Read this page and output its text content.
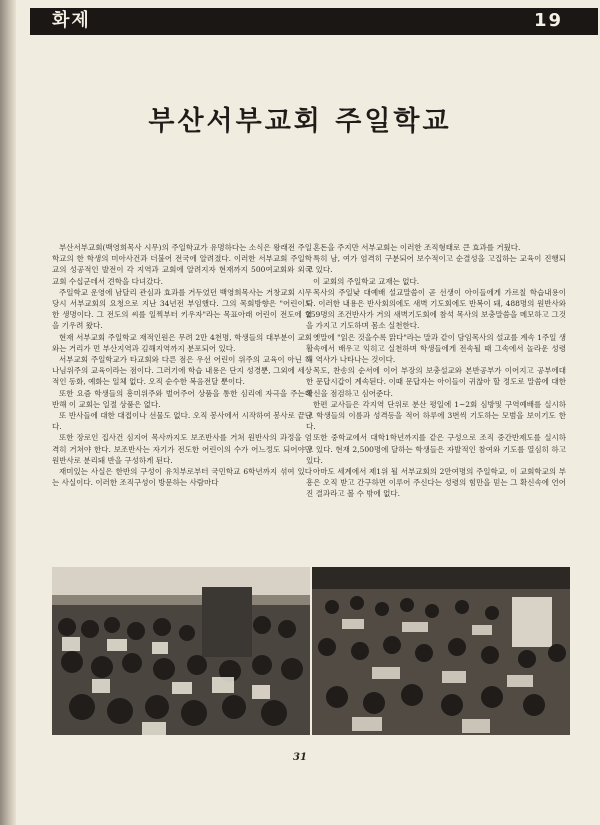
화제	19
부산서부교회 주일학교

부산서부교회(백영희목사 시무)의 주일학교가 유명하다는 소식은 왕래전 주일학교의 한 학생의 미아사건과 더불어 전국에 알려졌다. 이러한 서부교회 주일학교의 성공적인 발전이 각 지역과 교회에 알려지자 현재까지 500여교회와 외국교회 수십군데서 견학을 다녀갔다.

주일학교 운영에 남달리 관심과 효과를 거두었던 백영희목사는 거창교회 시무당시 서부교회의 요청으로 지난 34년전 부임했다. 그의 목회방향은 "어린이도 한 생명이다. 그 전도의 씨를 일찍부터 키우자"라는 목표아래 어린이 전도에 힘을 기우려 왔다.

현재 서부교회 주일학교 재적인원은 무려 2만 4천명, 학생들의 대부분이 교회와는 거리가 먼 부산지역과 김해지역까지 분포되어 있다.

서부교회 주일학교가 타교회와 다른 점은 우선 어린이 위주의 교육이 아닌 하나님위주의 교육이라는 점이다. 그러기에 학습 내용은 단지 성경뿐, 그외에 세상적인 동화, 예화는 일체 없다. 오직 순수한 복음전달 뿐이다.

또한 요즘 학생들의 흥미위주와 벌어주어 상품을 통한 심리에 자극을 주는데 반해 이 교회는 일절 상품은 없다.

또 반사들에 대한 대접이나 선물도 없다. 오직 봉사에서 시작하여 봉사로 끝난다.

또한 장로인 집사건 심지어 목사까지도 보조반사를 거쳐 원반사의 과정을 엄격히 거쳐야 한다. 보조반사는 자기가 전도한 어린이의 수가 어느정도 되어야만 원반사로 분리돼 반을 구성하게 된다.

재미있는 사실은 한반의 구성이 유치부로부터 국민학교 6학년까지 섞여 있다는 사실이다. 이러한 조직구성이 방문하는 사람마다

혼돈을 주지만 서부교회는 이러한 조직형태로 큰 효과를 거뒀다.

특히 남, 여가 엄격히 구분되어 보수적이고 순결성을 고집하는 교육이 진행되고 있다.

이 교회의 주일학교 교재는 없다.

목사의 주일낮 대예배 설교말씀이 곧 선생이 아이들에게 가르칠 학습내용이다. 이러한 내용은 반사회의에도 새벽 기도회에도 반복이 돼, 488명의 원반사와 259명의 조건반사가 거의 새벽기도회에 참석 목사의 보충말씀을 메모하고 그것을 가지고 기도하며 몸소 실천한다.

옛말에 "읽은 것을수록 맑다"라는 말과 같이 담임목사의 설교를 계속 1주일 생활속에서 배우고 익히고 실천하며 학생들에게 전속될 때 그속에서 놀라운 성령의 역사가 나타나는 것이다.

목도, 찬송의 순서에 이어 부장의 보충설교와 본반공부가 이어지고 공부에대한 문답시갑이 계속된다. 이때 문답자는 아이들이 귀찮아 할 정도로 말씀에 대한 확신을 점검하고 심어준다.

한편 교사들은 각지역 단위로 분산 평일에 1~2회 심방및 구역예배를 실시하고 학생들의 이름과 성격등을 적어 하루에 3번씩 기도하는 모범을 보이기도 한다.

또한 중학교에서 대학1학년까지를 같은 구성으로 조직 중간반제도를 실시하고 있다. 현재 2,500명에 달하는 학생들은 자발적인 참여와 기도를 열심히 하고 있다.

아마도 세계에서 제1위 될 서부교회의 2만여명의 주일학교, 이 교회학교의 부흥은 오직 받고 간구하면 이루어 주신다는 성령의 힘만을 믿는 그 확신속에 언어진 결과라고 볼 수 밖에 없다.

31
